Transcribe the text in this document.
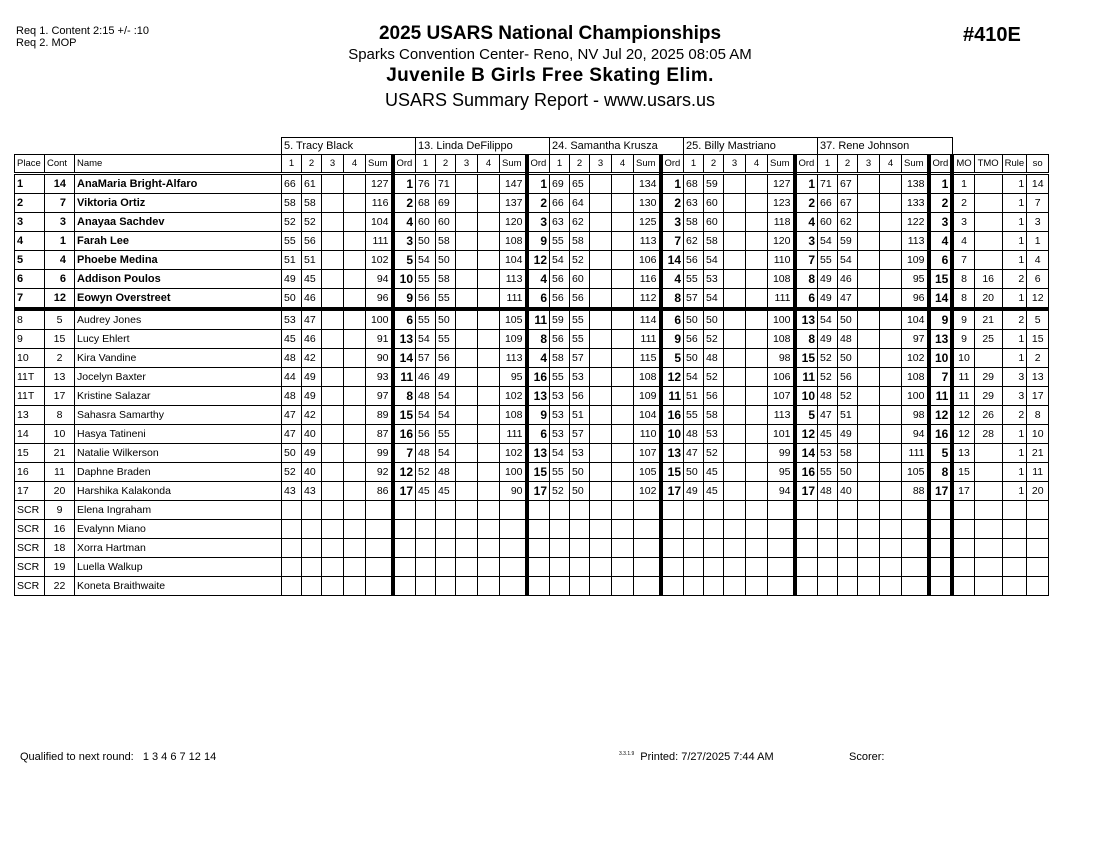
Req 1. Content 2:15 +/- :10
Req 2. MOP	2025 USARS National Championships
Sparks Convention Center- Reno, NV Jul 20, 2025 08:05 AM
Juvenile B Girls Free Skating Elim.
USARS Summary Report - www.usars.us
#410E
			5. Tracy Black						13. Linda DeFilippo						24. Samantha Krusza						25. Billy Mastriano						37. Rene Johnson									
Place	Cont	Name	1	2	3	4	Sum	Ord	1	2	3	4	Sum	Ord	1	2	3	4	Sum	Ord	1	2	3	4	Sum	Ord	1	2	3	4	Sum	Ord	MO	TMO	Rule	so
1	14	AnaMaria Bright-Alfaro	66	61			127	1	76	71			147	1	69	65			134	1	68	59			127	1	71	67			138	1	1		1	14
2	7	Viktoria Ortiz	58	58			116	2	68	69			137	2	66	64			130	2	63	60			123	2	66	67			133	2	2		1	7
3	3	Anayaa Sachdev	52	52			104	4	60	60			120	3	63	62			125	3	58	60			118	4	60	62			122	3	3		1	3
4	1	Farah Lee	55	56			111	3	50	58			108	9	55	58			113	7	62	58			120	3	54	59			113	4	4		1	1
5	4	Phoebe Medina	51	51			102	5	54	50			104	12	54	52			106	14	56	54			110	7	55	54			109	6	7		1	4
6	6	Addison Poulos	49	45			94	10	55	58			113	4	56	60			116	4	55	53			108	8	49	46			95	15	8	16	2	6
7	12	Eowyn Overstreet	50	46			96	9	56	55			111	6	56	56			112	8	57	54			111	6	49	47			96	14	8	20	1	12
8	5	Audrey Jones	53	47			100	6	55	50			105	11	59	55			114	6	50	50			100	13	54	50			104	9	9	21	2	5
9	15	Lucy Ehlert	45	46			91	13	54	55			109	8	56	55			111	9	56	52			108	8	49	48			97	13	9	25	1	15
10	2	Kira Vandine	48	42			90	14	57	56			113	4	58	57			115	5	50	48			98	15	52	50			102	10	10		1	2
11T	13	Jocelyn Baxter	44	49			93	11	46	49			95	16	55	53			108	12	54	52			106	11	52	56			108	7	11	29	3	13
11T	17	Kristine Salazar	48	49			97	8	48	54			102	13	53	56			109	11	51	56			107	10	48	52			100	11	11	29	3	17
13	8	Sahasra Samarthy	47	42			89	15	54	54			108	9	53	51			104	16	55	58			113	5	47	51			98	12	12	26	2	8
14	10	Hasya Tatineni	47	40			87	16	56	55			111	6	53	57			110	10	48	53			101	12	45	49			94	16	12	28	1	10
15	21	Natalie Wilkerson	50	49			99	7	48	54			102	13	54	53			107	13	47	52			99	14	53	58			111	5	13		1	21
16	11	Daphne Braden	52	40			92	12	52	48			100	15	55	50			105	15	50	45			95	16	55	50			105	8	15		1	11
17	20	Harshika Kalakonda	43	43			86	17	45	45			90	17	52	50			102	17	49	45			94	17	48	40			88	17	17		1	20
SCR	9	Elena Ingraham																																		
SCR	16	Evalynn Miano																																		
SCR	18	Xorra Hartman																																		
SCR	19	Luella Walkup																																		
SCR	22	Koneta Braithwaite																																		
Qualified to next round: 1 3 4 6 7 12 14	$^{3.3.1.9}$ Printed: 7/27/2025 7:44 AM	Scorer:
